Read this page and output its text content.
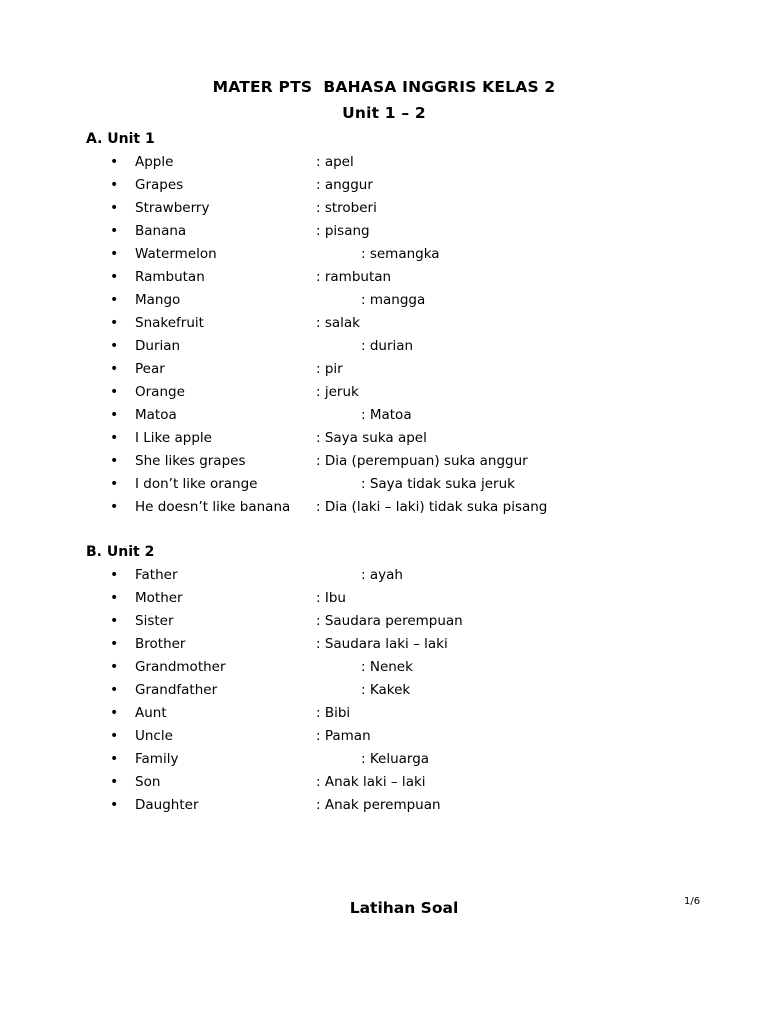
MATER PTS  BAHASA INGGRIS KELAS 2
Unit 1 – 2
A. Unit 1
• Apple	: apel
• Grapes	: anggur
• Strawberry	: stroberi
• Banana	: pisang
• Watermelon	: semangka
• Rambutan	: rambutan
• Mango	: mangga
• Snakefruit	: salak
• Durian	: durian
• Pear	: pir
• Orange	: jeruk
• Matoa	: Matoa
• I Like apple	: Saya suka apel
• She likes grapes	: Dia (perempuan) suka anggur
• I don’t like orange	: Saya tidak suka jeruk
• He doesn’t like banana : Dia (laki – laki) tidak suka pisang
B. Unit 2
• Father	: ayah
• Mother	: Ibu
• Sister	: Saudara perempuan
• Brother	: Saudara laki – laki
• Grandmother	: Nenek
• Grandfather	: Kakek
• Aunt	: Bibi
• Uncle	: Paman
• Family	: Keluarga
• Son	: Anak laki – laki
• Daughter	: Anak perempuan
1/6
Latihan Soal
